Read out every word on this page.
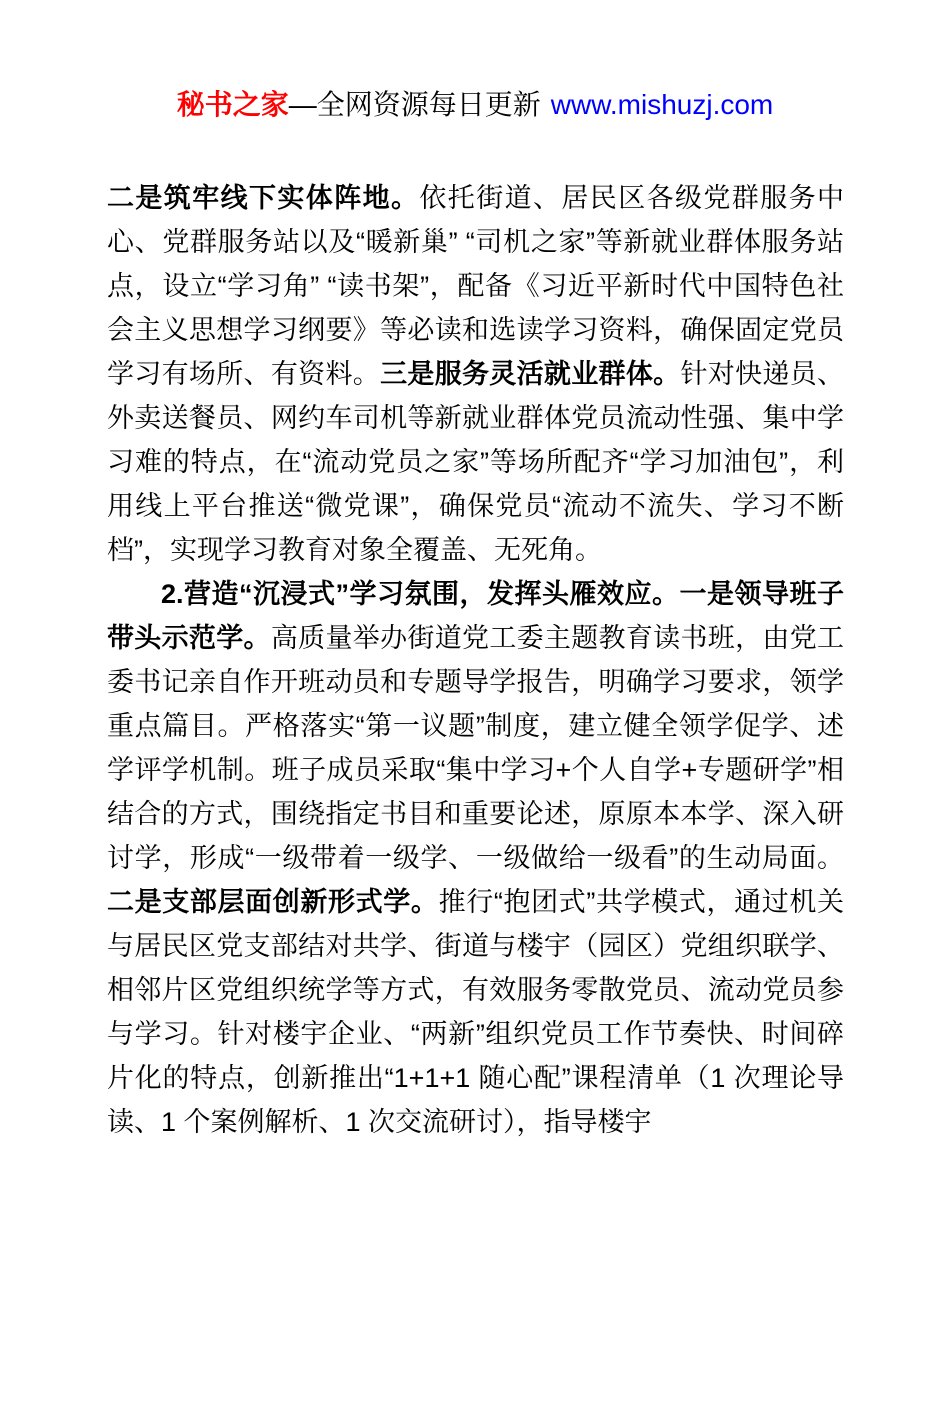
秘书之家—全网资源每日更新 www.mishuzj.com

二是筑牢线下实体阵地。依托街道、居民区各级党群服务中心、党群服务站以及“暖新巢” “司机之家”等新就业群体服务站点，设立“学习角” “读书架”，配备《习近平新时代中国特色社会主义思想学习纲要》等必读和选读学习资料，确保固定党员学习有场所、有资料。三是服务灵活就业群体。针对快递员、外卖送餐员、网约车司机等新就业群体党员流动性强、集中学习难的特点，在“流动党员之家”等场所配齐“学习加油包”，利用线上平台推送“微党课”，确保党员“流动不流失、学习不断档”，实现学习教育对象全覆盖、无死角。

2.营造“沉浸式”学习氛围，发挥头雁效应。一是领导班子带头示范学。高质量举办街道党工委主题教育读书班，由党工委书记亲自作开班动员和专题导学报告，明确学习要求，领学重点篇目。严格落实“第一议题”制度，建立健全领学促学、述学评学机制。班子成员采取“集中学习+个人自学+专题研学”相结合的方式，围绕指定书目和重要论述，原原本本学、深入研讨学，形成“一级带着一级学、一级做给一级看”的生动局面。二是支部层面创新形式学。推行“抱团式”共学模式，通过机关与居民区党支部结对共学、街道与楼宇（园区）党组织联学、相邻片区党组织统学等方式，有效服务零散党员、流动党员参与学习。针对楼宇企业、“两新”组织党员工作节奏快、时间碎片化的特点，创新推出“1+1+1 随心配”课程清单（1 次理论导读、1 个案例解析、1 次交流研讨），指导楼宇
